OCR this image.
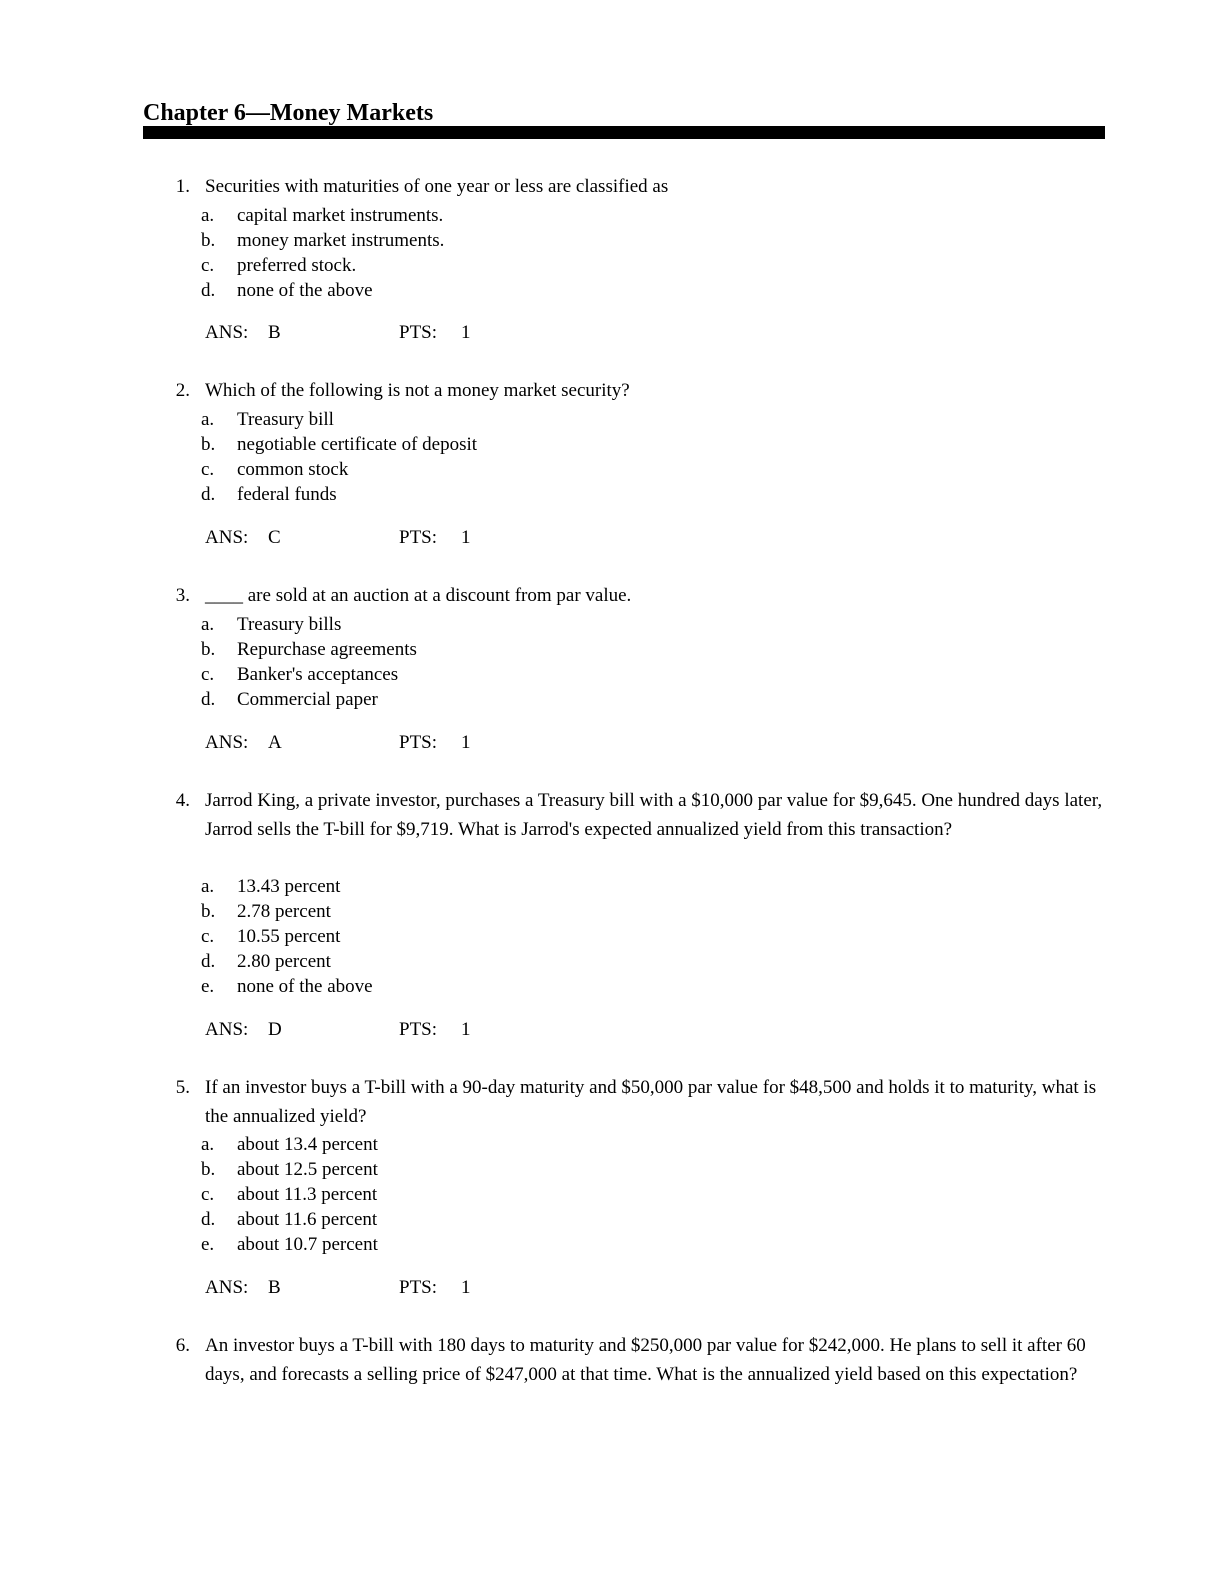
Chapter 6—Money Markets
1. Securities with maturities of one year or less are classified as
a. capital market instruments.
b. money market instruments.
c. preferred stock.
d. none of the above
ANS: B	PTS: 1
2. Which of the following is not a money market security?
a. Treasury bill
b. negotiable certificate of deposit
c. common stock
d. federal funds
ANS: C	PTS: 1
3. ____ are sold at an auction at a discount from par value.
a. Treasury bills
b. Repurchase agreements
c. Banker's acceptances
d. Commercial paper
ANS: A	PTS: 1
4. Jarrod King, a private investor, purchases a Treasury bill with a $10,000 par value for $9,645. One hundred days later, Jarrod sells the T-bill for $9,719. What is Jarrod's expected annualized yield from this transaction?
a. 13.43 percent
b. 2.78 percent
c. 10.55 percent
d. 2.80 percent
e. none of the above
ANS: D	PTS: 1
5. If an investor buys a T-bill with a 90-day maturity and $50,000 par value for $48,500 and holds it to maturity, what is the annualized yield?
a. about 13.4 percent
b. about 12.5 percent
c. about 11.3 percent
d. about 11.6 percent
e. about 10.7 percent
ANS: B	PTS: 1
6. An investor buys a T-bill with 180 days to maturity and $250,000 par value for $242,000. He plans to sell it after 60 days, and forecasts a selling price of $247,000 at that time. What is the annualized yield based on this expectation?
